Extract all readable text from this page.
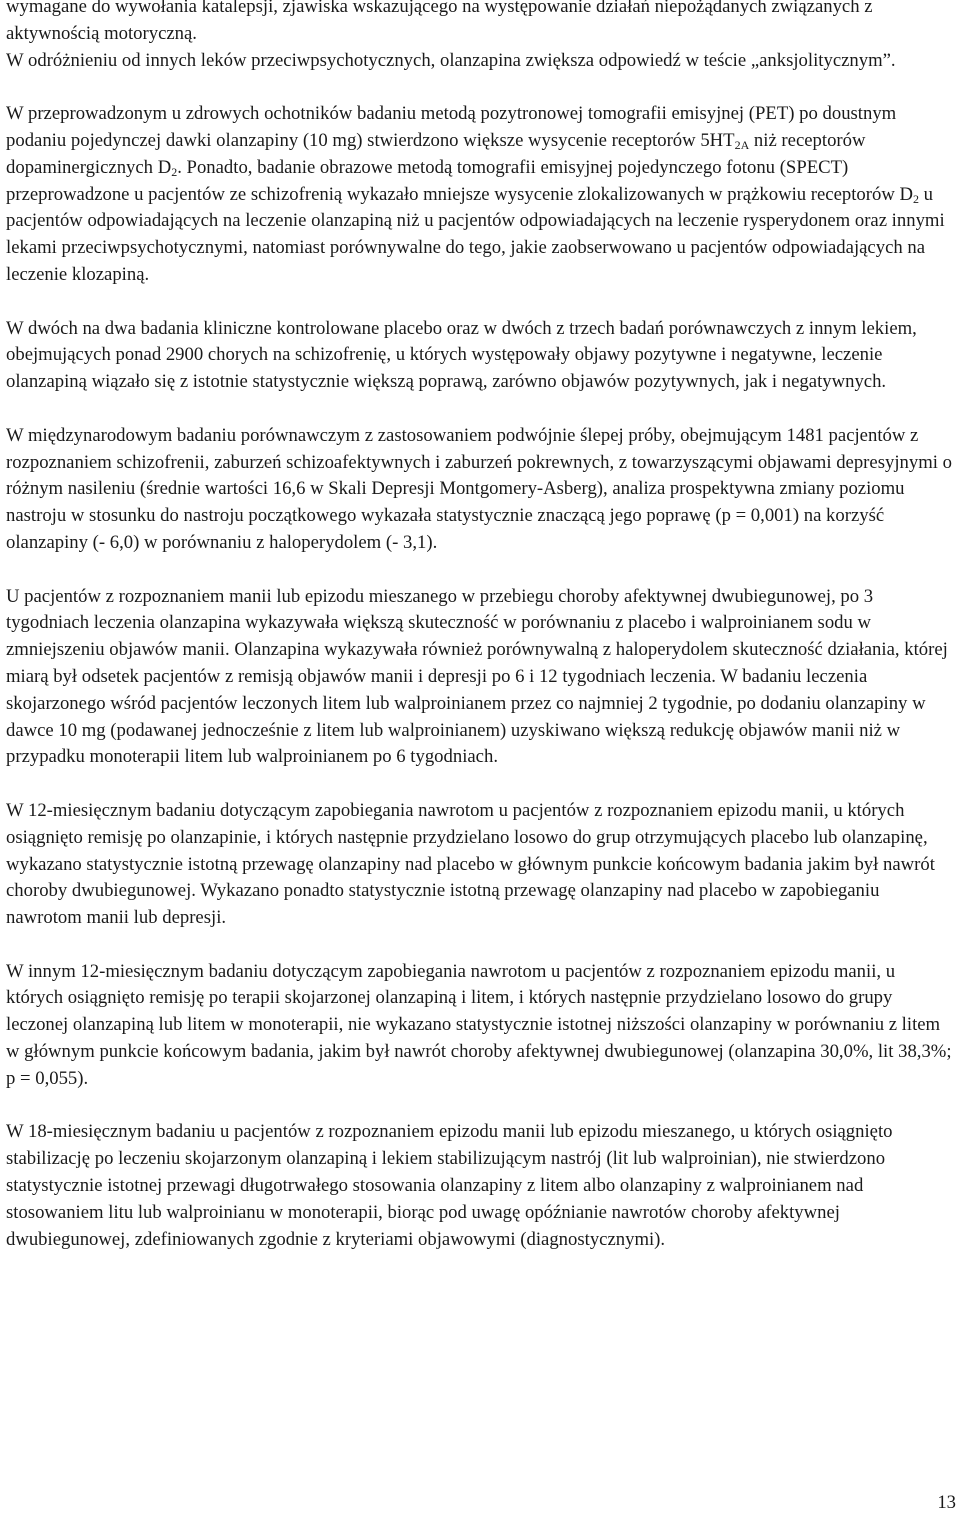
wymagane do wywołania katalepsji, zjawiska wskazującego na występowanie działań niepożądanych związanych z aktywnością motoryczną.
W odróżnieniu od innych leków przeciwpsychotycznych, olanzapina zwiększa odpowiedź w teście „anksjolitycznym”.

W przeprowadzonym u zdrowych ochotników badaniu metodą pozytronowej tomografii emisyjnej (PET) po doustnym podaniu pojedynczej dawki olanzapiny (10 mg) stwierdzono większe wysycenie receptorów $5HT_{2A}$ niż receptorów dopaminergicznych $D_2$. Ponadto, badanie obrazowe metodą tomografii emisyjnej pojedynczego fotonu (SPECT) przeprowadzone u pacjentów ze schizofrenią wykazało mniejsze wysycenie zlokalizowanych w prążkowiu receptorów $D_2$ u pacjentów odpowiadających na leczenie olanzapiną niż u pacjentów odpowiadających na leczenie rysperydonem oraz innymi lekami przeciwpsychotycznymi, natomiast porównywalne do tego, jakie zaobserwowano u pacjentów odpowiadających na leczenie klozapiną.

W dwóch na dwa badania kliniczne kontrolowane placebo oraz w dwóch z trzech badań porównawczych z innym lekiem, obejmujących ponad 2900 chorych na schizofrenię, u których występowały objawy pozytywne i negatywne, leczenie olanzapiną wiązało się z istotnie statystycznie większą poprawą, zarówno objawów pozytywnych, jak i negatywnych.

W międzynarodowym badaniu porównawczym z zastosowaniem podwójnie ślepej próby, obejmującym 1481 pacjentów z rozpoznaniem schizofrenii, zaburzeń schizoafektywnych i zaburzeń pokrewnych, z towarzyszącymi objawami depresyjnymi o różnym nasileniu (średnie wartości 16,6 w Skali Depresji Montgomery-Asberg), analiza prospektywna zmiany poziomu nastroju w stosunku do nastroju początkowego wykazała statystycznie znaczącą jego poprawę (p = 0,001) na korzyść olanzapiny (- 6,0) w porównaniu z haloperydolem (- 3,1).

U pacjentów z rozpoznaniem manii lub epizodu mieszanego w przebiegu choroby afektywnej dwubiegunowej, po 3 tygodniach leczenia olanzapina wykazywała większą skuteczność w porównaniu z placebo i walproinianem sodu w zmniejszeniu objawów manii. Olanzapina wykazywała również porównywalną z haloperydolem skuteczność działania, której miarą był odsetek pacjentów z remisją objawów manii i depresji po 6 i 12 tygodniach leczenia. W badaniu leczenia skojarzonego wśród pacjentów leczonych litem lub walproinianem przez co najmniej 2 tygodnie, po dodaniu olanzapiny w dawce 10 mg (podawanej jednocześnie z litem lub walproinianem) uzyskiwano większą redukcję objawów manii niż w przypadku monoterapii litem lub walproinianem po 6 tygodniach.

W 12-miesięcznym badaniu dotyczącym zapobiegania nawrotom u pacjentów z rozpoznaniem epizodu manii, u których osiągnięto remisję po olanzapinie, i których następnie przydzielano losowo do grup otrzymujących placebo lub olanzapinę, wykazano statystycznie istotną przewagę olanzapiny nad placebo w głównym punkcie końcowym badania jakim był nawrót choroby dwubiegunowej. Wykazano ponadto statystycznie istotną przewagę olanzapiny nad placebo w zapobieganiu nawrotom manii lub depresji.

W innym 12-miesięcznym badaniu dotyczącym zapobiegania nawrotom u pacjentów z rozpoznaniem epizodu manii, u których osiągnięto remisję po terapii skojarzonej olanzapiną i litem, i których następnie przydzielano losowo do grupy leczonej olanzapiną lub litem w monoterapii, nie wykazano statystycznie istotnej niższości olanzapiny w porównaniu z litem w głównym punkcie końcowym badania, jakim był nawrót choroby afektywnej dwubiegunowej (olanzapina 30,0%, lit 38,3%;
p = 0,055).

W 18-miesięcznym badaniu u pacjentów z rozpoznaniem epizodu manii lub epizodu mieszanego, u których osiągnięto stabilizację po leczeniu skojarzonym olanzapiną i lekiem stabilizującym nastrój (lit lub walproinian), nie stwierdzono statystycznie istotnej przewagi długotrwałego stosowania olanzapiny z litem albo olanzapiny z walproinianem nad stosowaniem litu lub walproinianu w monoterapii, biorąc pod uwagę opóźnianie nawrotów choroby afektywnej dwubiegunowej, zdefiniowanych zgodnie z kryteriami objawowymi (diagnostycznymi).

13
